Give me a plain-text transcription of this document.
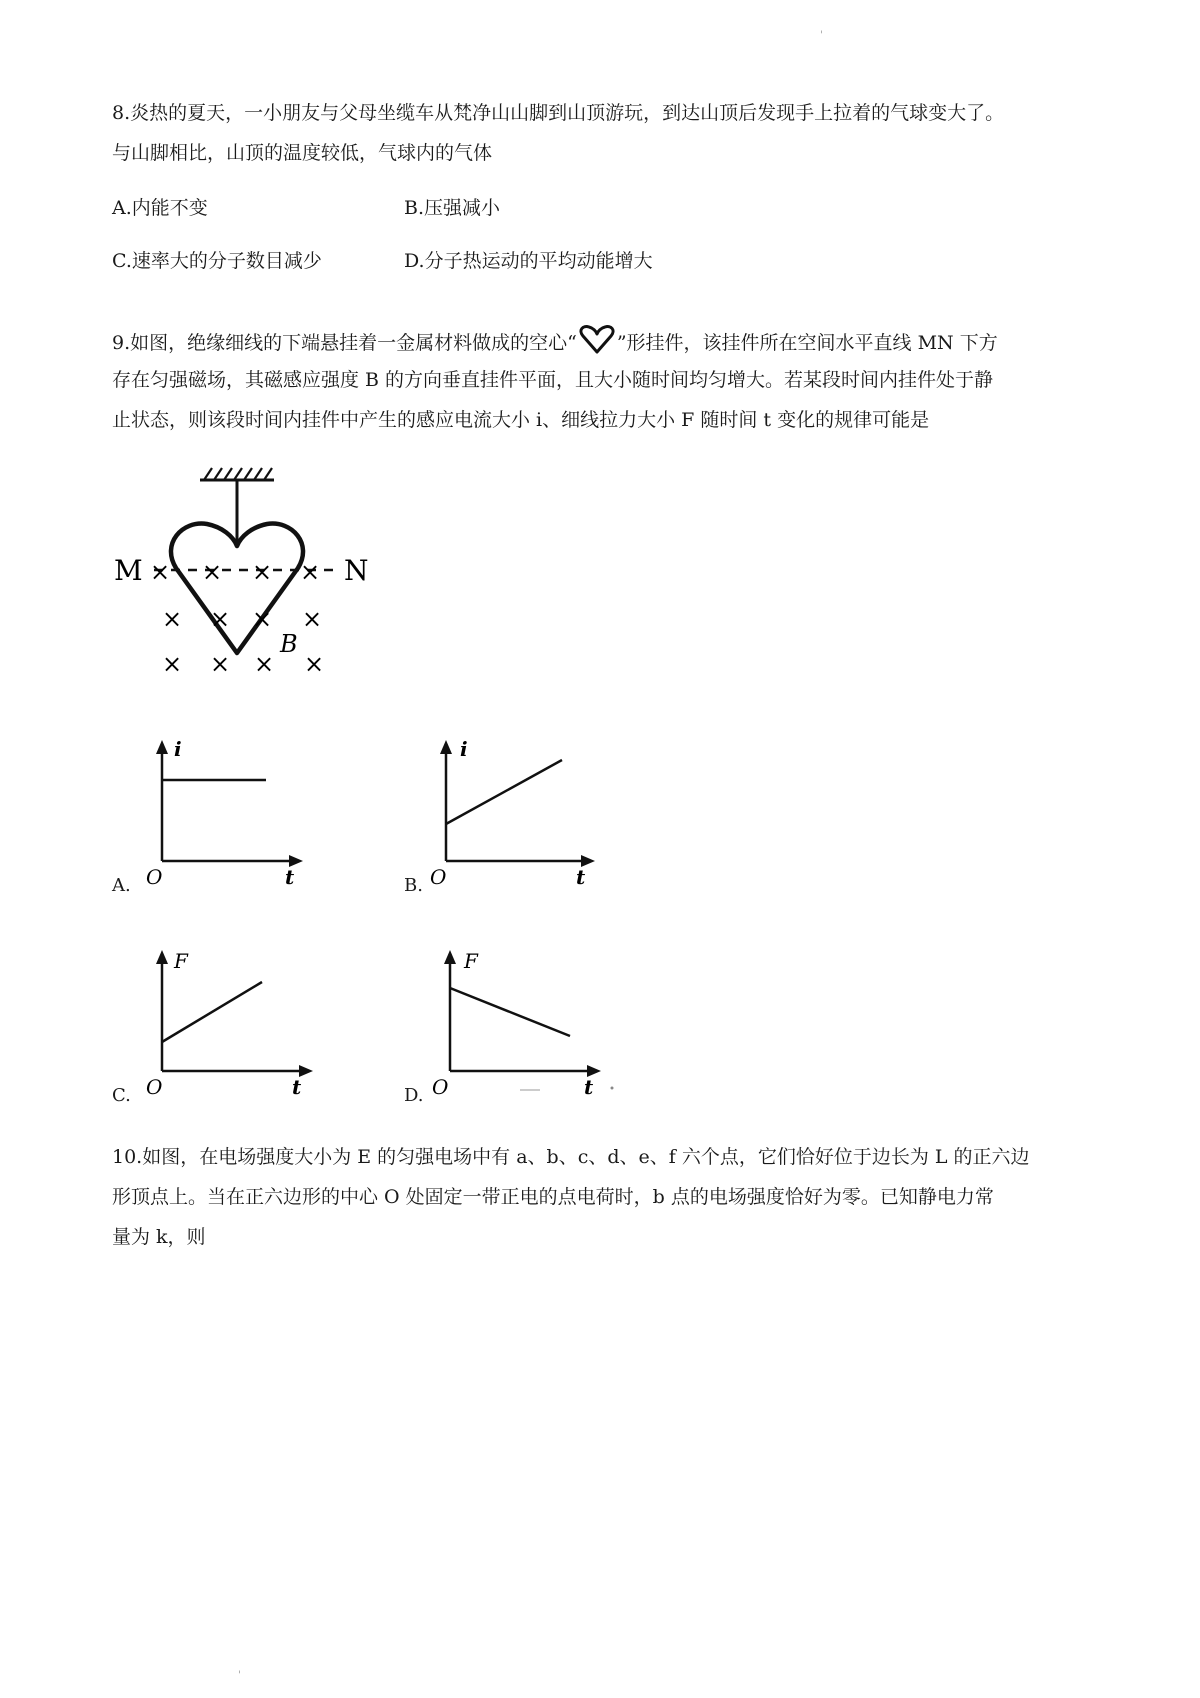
'
8.炎热的夏天，一小朋友与父母坐缆车从梵净山山脚到山顶游玩，到达山顶后发现手上拉着的气球变大了。
与山脚相比，山顶的温度较低，气球内的气体
A.内能不变	B.压强减小
C.速率大的分子数目减少	D.分子热运动的平均动能增大
9.如图，绝缘细线的下端悬挂着一金属材料做成的空心“ ”形挂件，该挂件所在空间水平直线 MN 下方
存在匀强磁场，其磁感应强度 B 的方向垂直挂件平面，且大小随时间均匀增大。若某段时间内挂件处于静
止状态，则该段时间内挂件中产生的感应电流大小 i、细线拉力大小 F 随时间 t 变化的规律可能是
M	N
× × × ×
× × × ×
× × × ×
B
A.
i
O	t	B.
i
O	t
C.
F
O	t	D.
F
O	t
10.如图，在电场强度大小为 E 的匀强电场中有 a、b、c、d、e、f 六个点，它们恰好位于边长为 L 的正六边
形顶点上。当在正六边形的中心 O 处固定一带正电的点电荷时，b 点的电场强度恰好为零。已知静电力常
量为 k，则
'
